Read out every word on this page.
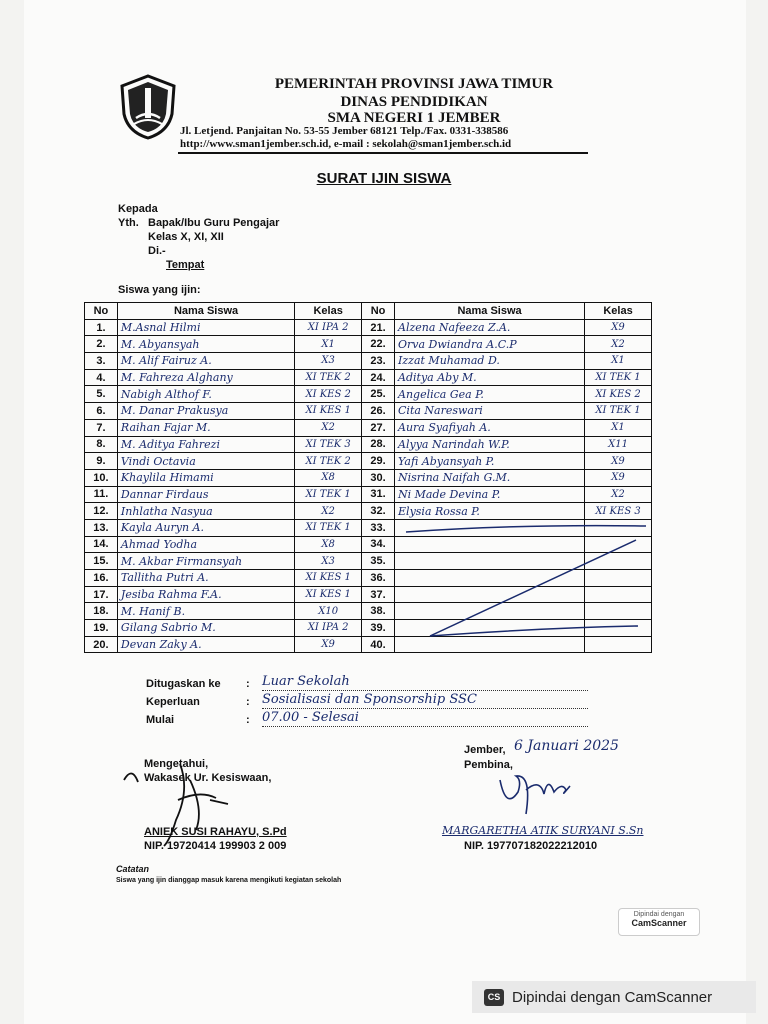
PEMERINTAH PROVINSI JAWA TIMUR
DINAS PENDIDIKAN
SMA NEGERI 1 JEMBER
Jl. Letjend. Panjaitan No. 53-55 Jember 68121 Telp./Fax. 0331-338586
http://www.sman1jember.sch.id, e-mail : sekolah@sman1jember.sch.id
SURAT IJIN SISWA
Kepada
Yth. Bapak/Ibu Guru Pengajar
Kelas X, XI, XII
Di.-
Tempat
Siswa yang ijin:
No	Nama Siswa	Kelas	No	Nama Siswa	Kelas
1.	M.Asnal Hilmi	XI IPA 2	21.	Alzena Nafeeza Z.A.	X9
2.	M. Abyansyah	X1	22.	Orva Dwiandra A.C.P	X2
3.	M. Alif Fairuz A.	X3	23.	Izzat Muhamad D.	X1
4.	M. Fahreza Alghany	XI TEK 2	24.	Aditya Aby M.	XI TEK 1
5.	Nabigh Althof F.	XI KES 2	25.	Angelica Gea P.	XI KES 2
6.	M. Danar Prakusya	XI KES 1	26.	Cita Nareswari	XI TEK 1
7.	Raihan Fajar M.	X2	27.	Aura Syafiyah A.	X1
8.	M. Aditya Fahrezi	XI TEK 3	28.	Alyya Narindah W.P.	X11
9.	Vindi Octavia	XI TEK 2	29.	Yafi Abyansyah P.	X9
10.	Khaylila Himami	X8	30.	Nisrina Naifah G.M.	X9
11.	Dannar Firdaus	XI TEK 1	31.	Ni Made Devina P.	X2
12.	Inhlatha Nasyua	X2	32.	Elysia Rossa P.	XI KES 3
13.	Kayla Auryn A.	XI TEK 1	33.		
14.	Ahmad Yodha	X8	34.		
15.	M. Akbar Firmansyah	X3	35.		
16.	Tallitha Putri A.	XI KES 1	36.		
17.	Jesiba Rahma F.A.	XI KES 1	37.		
18.	M. Hanif B.	X10	38.		
19.	Gilang Sabrio M.	XI IPA 2	39.		
20.	Devan Zaky A.	X9	40.		
Ditugaskan ke : Luar Sekolah
Keperluan	: Sosialisasi dan Sponsorship SSC
Mulai	: 07.00 - Selesai
Jember, 6 Januari 2025
Pembina,
MARGARETHA ATIK SURYANI S.Sn
NIP. 197707182022212010
Mengetahui,
Wakasek Ur. Kesiswaan,
ANIEK SUSI RAHAYU, S.Pd
NIP. 19720414 199903 2 009
Catatan
Siswa yang ijin dianggap masuk karena mengikuti kegiatan sekolah
Dipindai dengan
CamScanner
CS Dipindai dengan CamScanner
